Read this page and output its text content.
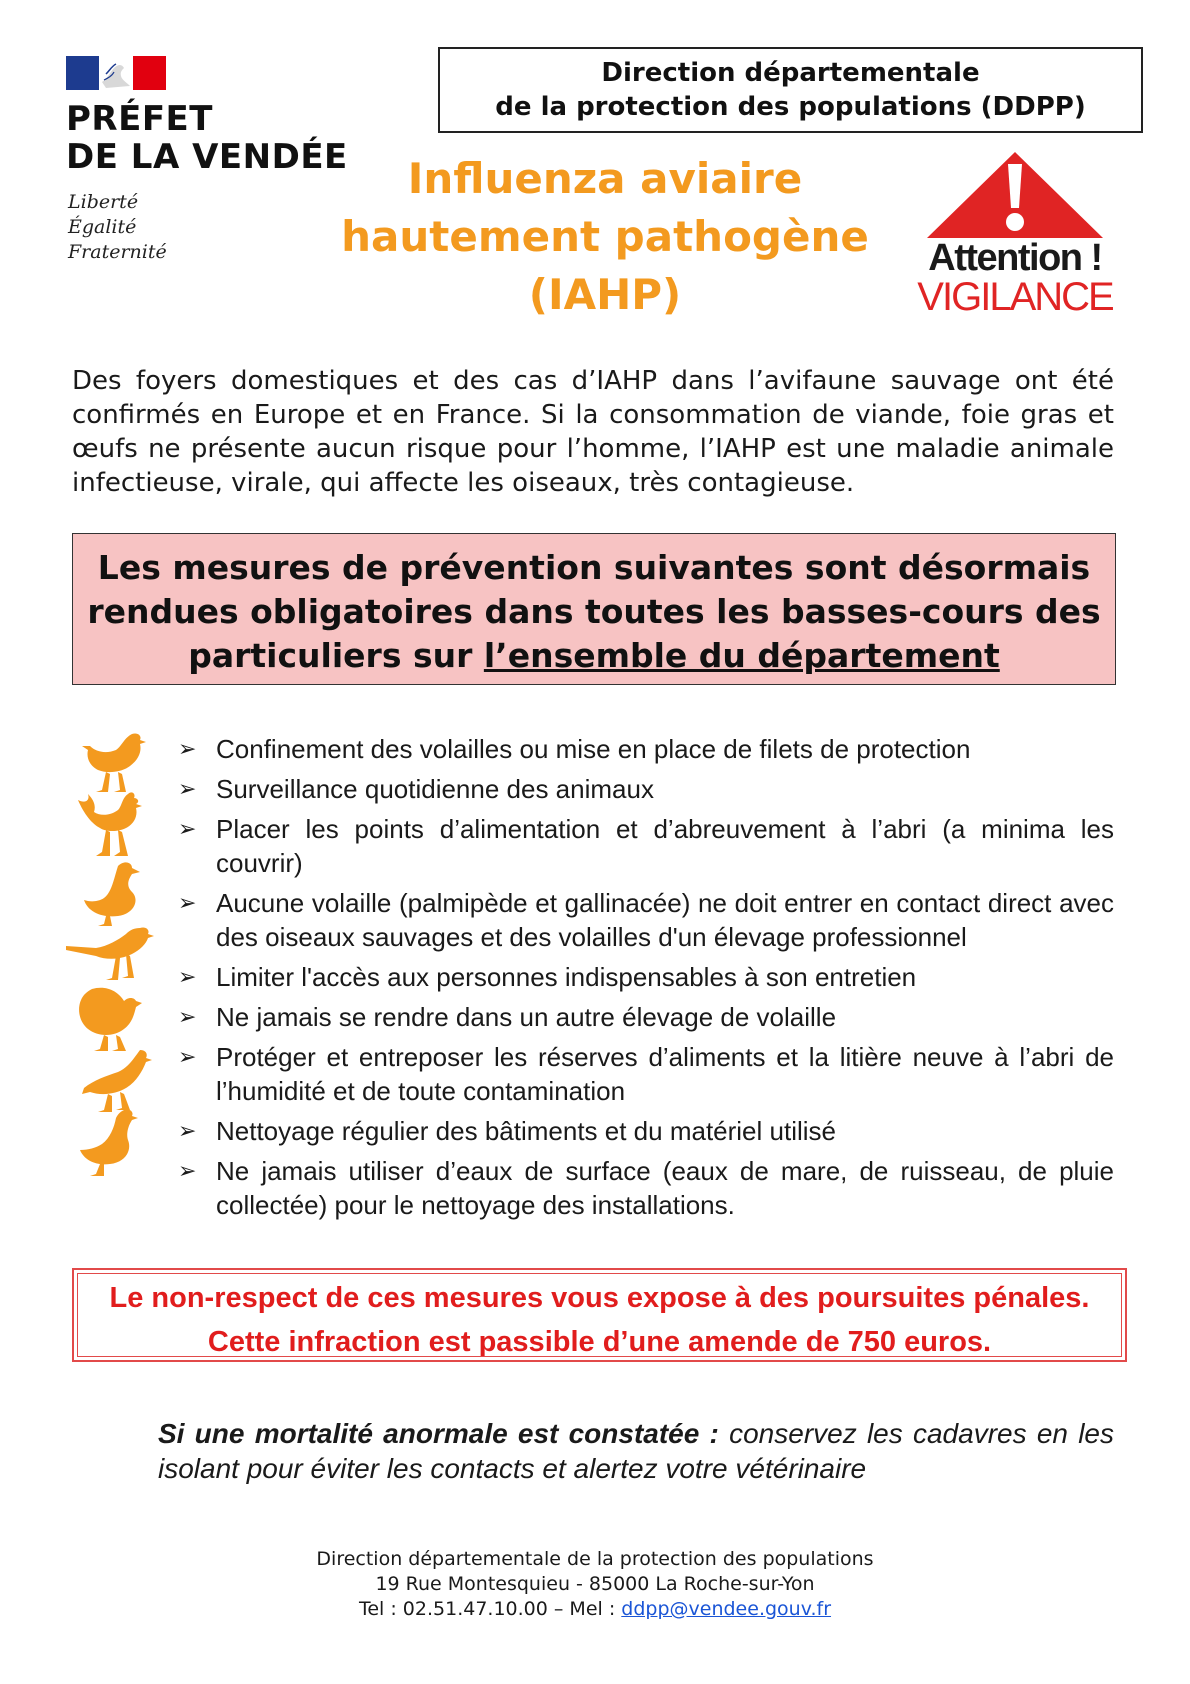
PRÉFET
DE LA VENDÉE
Liberté
Égalité
Fraternité
Direction départementale
de la protection des populations (DDPP)
Influenza aviaire
hautement pathogène
(IAHP)
Attention !
VIGILANCE
Des foyers domestiques et des cas d’IAHP dans l’avifaune sauvage ont été confirmés en Europe et en France. Si la consommation de viande, foie gras et œufs ne présente aucun risque pour l’homme, l’IAHP est une maladie animale infectieuse, virale, qui affecte les oiseaux, très contagieuse.
Les mesures de prévention suivantes sont désormais
rendues obligatoires dans toutes les basses-cours des
particuliers sur l’ensemble du département
➢ Confinement des volailles ou mise en place de filets de protection
➢ Surveillance quotidienne des animaux
➢ Placer les points d’alimentation et d’abreuvement à l’abri (a minima les couvrir)
➢ Aucune volaille (palmipède et gallinacée) ne doit entrer en contact direct avec des oiseaux sauvages et des volailles d'un élevage professionnel
➢ Limiter l'accès aux personnes indispensables à son entretien
➢ Ne jamais se rendre dans un autre élevage de volaille
➢ Protéger et entreposer les réserves d’aliments et la litière neuve à l’abri de l’humidité et de toute contamination
➢ Nettoyage régulier des bâtiments et du matériel utilisé
➢ Ne jamais utiliser d’eaux de surface (eaux de mare, de ruisseau, de pluie collectée) pour le nettoyage des installations.
Le non-respect de ces mesures vous expose à des poursuites pénales.
Cette infraction est passible d’une amende de 750 euros.
Si une mortalité anormale est constatée : conservez les cadavres en les isolant pour éviter les contacts et alertez votre vétérinaire
Direction départementale de la protection des populations
19 Rue Montesquieu - 85000 La Roche-sur-Yon
Tel : 02.51.47.10.00 – Mel : ddpp@vendee.gouv.fr
